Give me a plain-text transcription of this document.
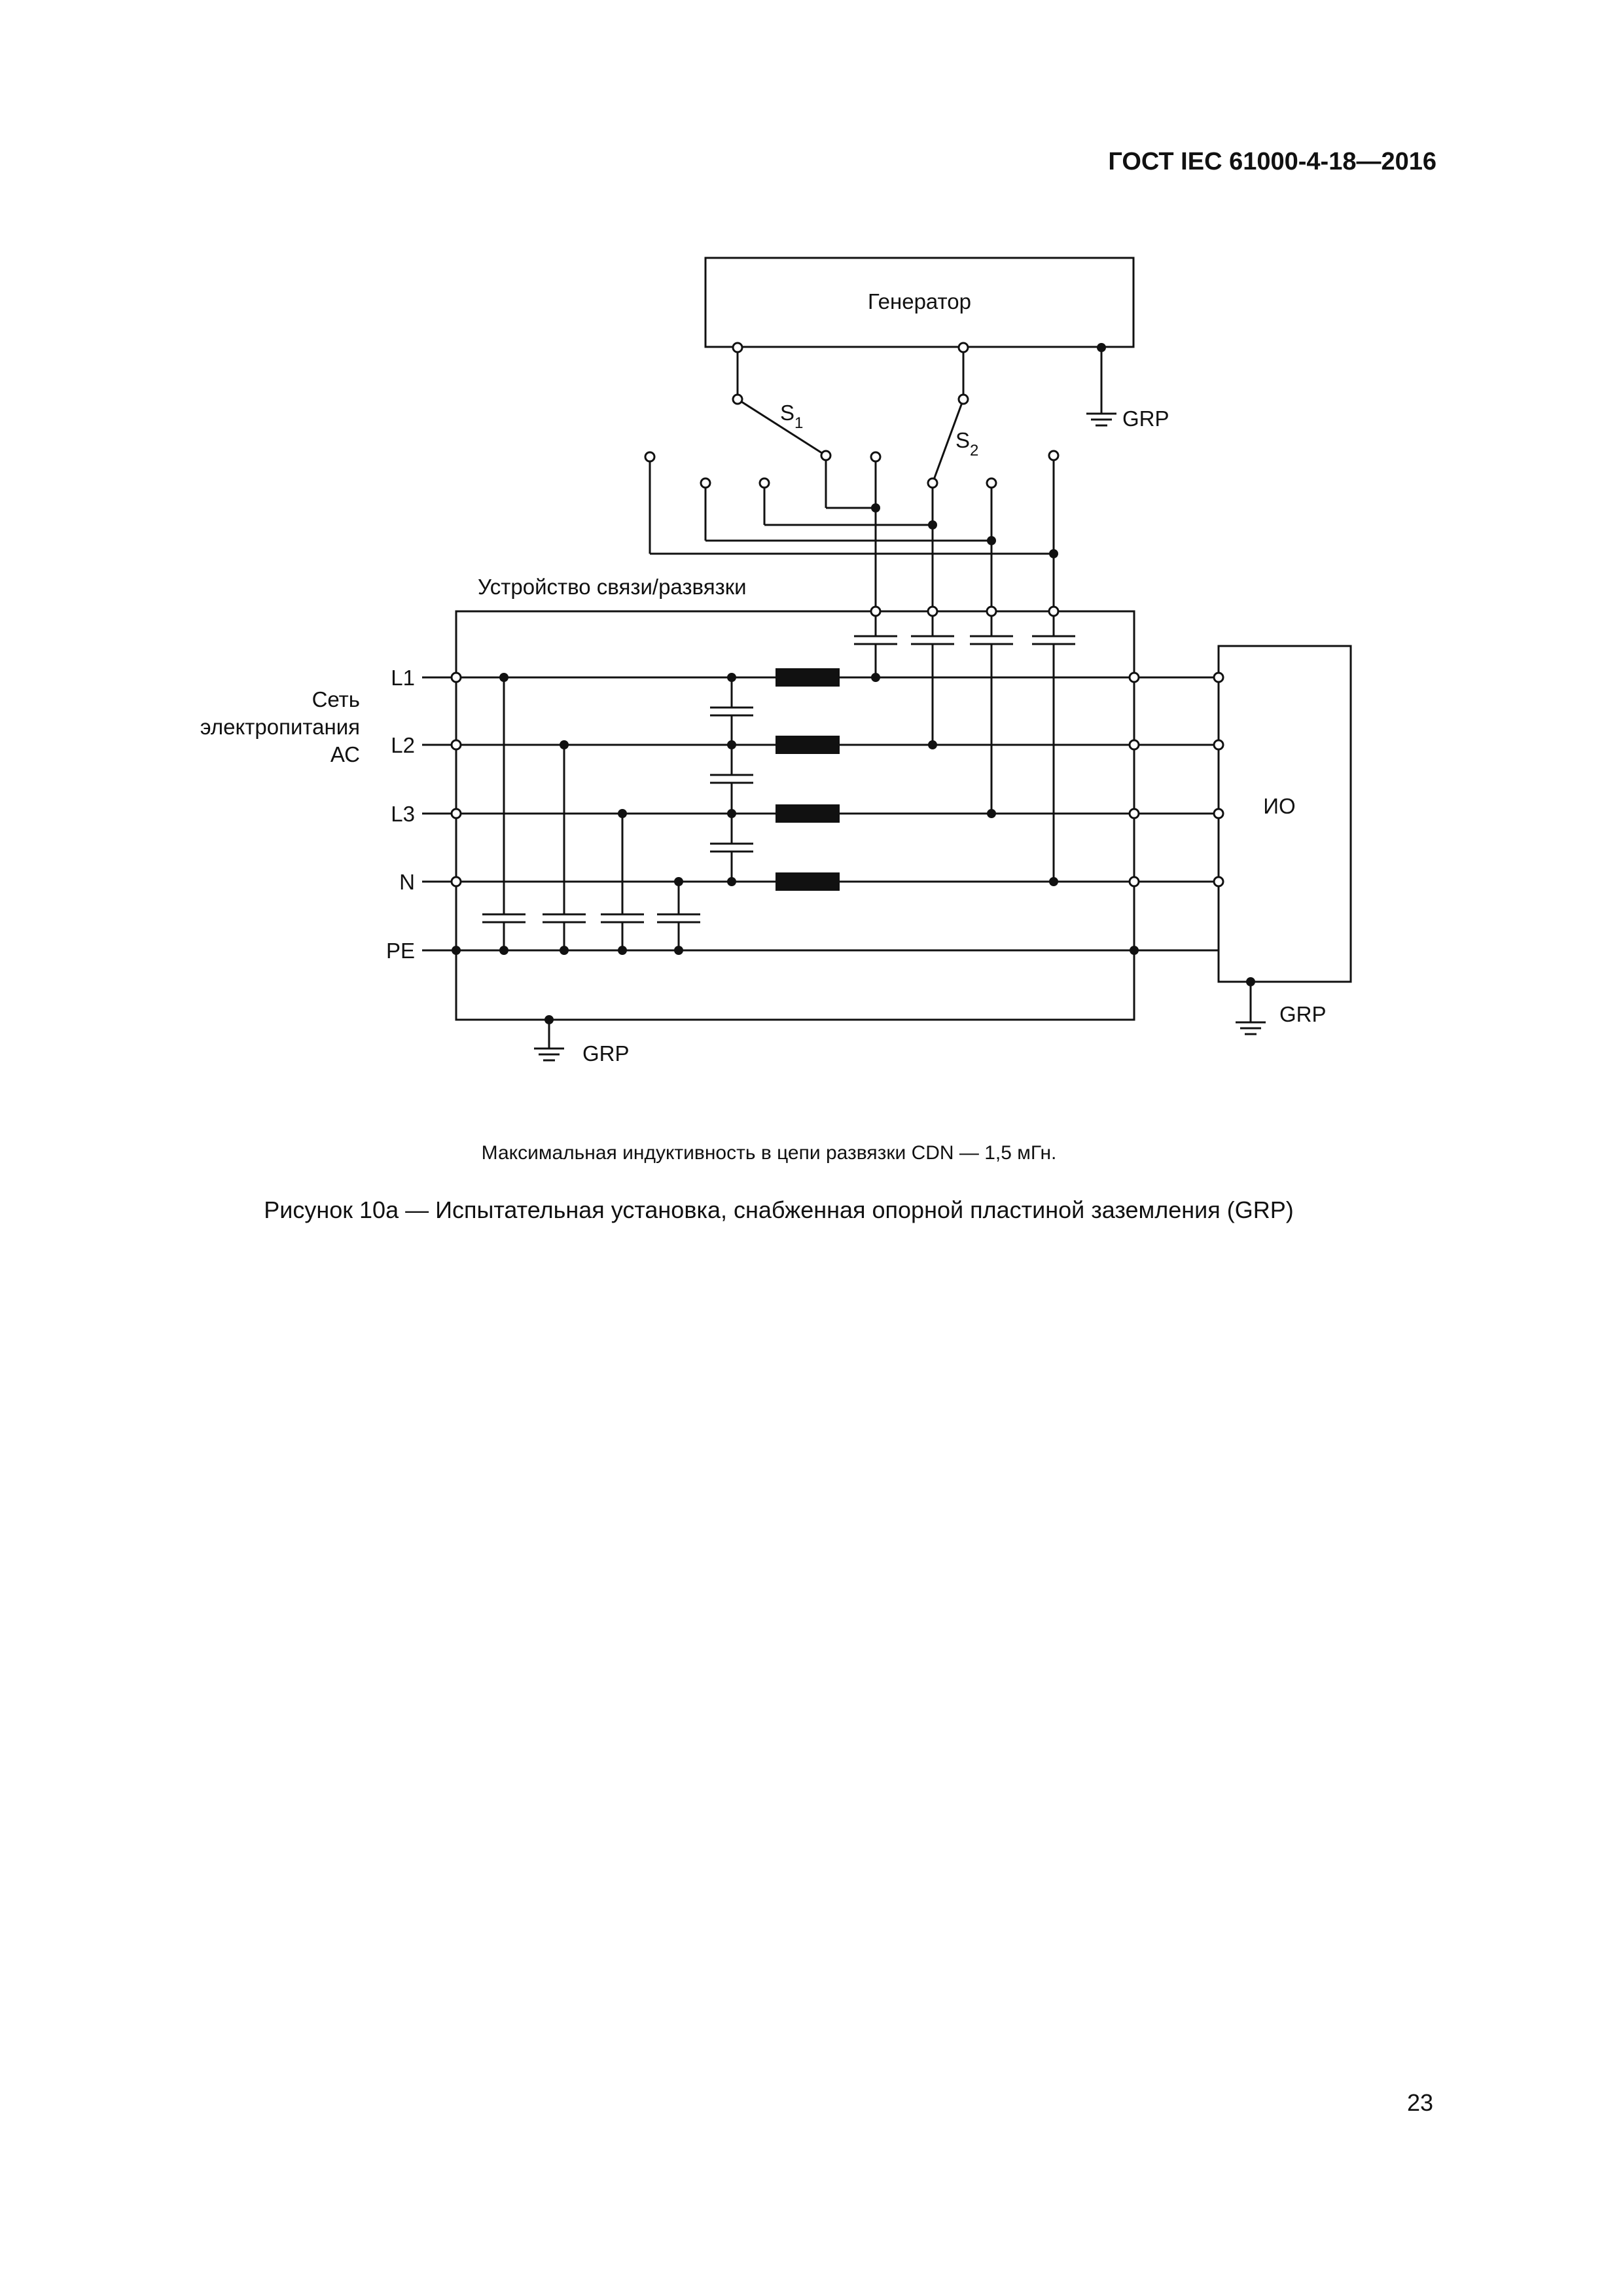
ГОСТ IEC 61000-4-18—2016
Генератор
$S_1$
$S_2$
GRP
Устройство связи/развязки
Сеть
электропитания
АС
L1
L2
L3
N
PE
ИО
GRP
GRP
Максимальная индуктивность в цепи развязки CDN — 1,5 мГн.
Рисунок 10а — Испытательная установка, снабженная опорной пластиной заземления (GRP)
23
